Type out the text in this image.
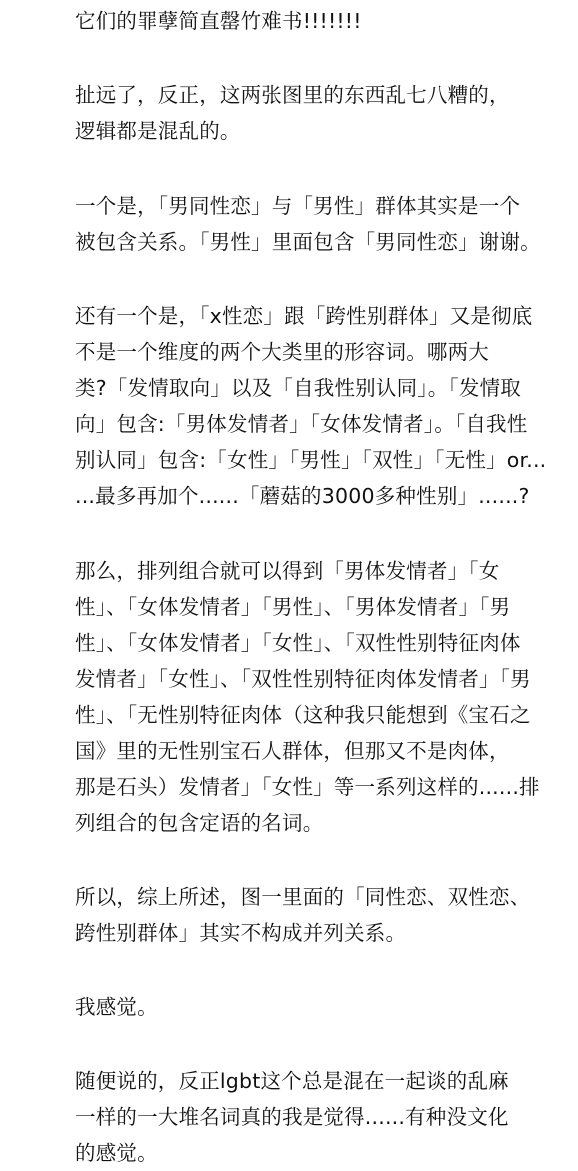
它们的罪孽简直罄竹难书!!!!!!!
扯远了，反正，这两张图里的东西乱七八糟的，
逻辑都是混乱的。
一个是，「男同性恋」与「男性」群体其实是一个
被包含关系。「男性」里面包含「男同性恋」谢谢。
还有一个是，「x性恋」跟「跨性别群体」又是彻底
不是一个维度的两个大类里的形容词。哪两大
类?「发情取向」以及「自我性别认同」。「发情取
向」包含:「男体发情者」「女体发情者」。「自我性
别认同」包含:「女性」「男性」「双性」「无性」or...
...最多再加个......「蘑菇的3000多种性别」......?
那么，排列组合就可以得到「男体发情者」「女
性」、「女体发情者」「男性」、「男体发情者」「男
性」、「女体发情者」「女性」、「双性性别特征肉体
发情者」「女性」、「双性性别特征肉体发情者」「男
性」、「无性别特征肉体（这种我只能想到《宝石之
国》里的无性别宝石人群体，但那又不是肉体，
那是石头）发情者」「女性」等一系列这样的......排
列组合的包含定语的名词。
所以，综上所述，图一里面的「同性恋、双性恋、
跨性别群体」其实不构成并列关系。
我感觉。
随便说的，反正lgbt这个总是混在一起谈的乱麻
一样的一大堆名词真的我是觉得......有种没文化
的感觉。
